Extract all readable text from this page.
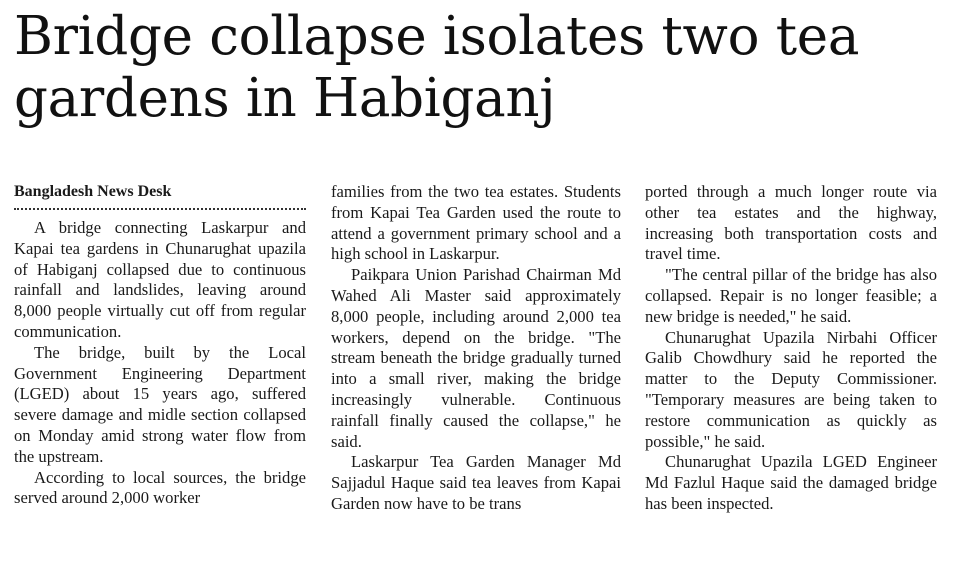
Bridge collapse isolates two tea gardens in Habiganj
Bangladesh News Desk

A bridge connecting Laskarpur and Kapai tea gardens in Chunarughat upazila of Habiganj collapsed due to continuous rainfall and landslides, leaving around 8,000 people virtually cut off from regular communication.

The bridge, built by the Local Government Engineering Department (LGED) about 15 years ago, suffered severe damage and midle section collapsed on Monday amid strong water flow from the upstream.

According to local sources, the bridge served around 2,000 worker

families from the two tea estates. Students from Kapai Tea Garden used the route to attend a government primary school and a high school in Laskarpur.

Paikpara Union Parishad Chairman Md Wahed Ali Master said approximately 8,000 people, including around 2,000 tea workers, depend on the bridge. "The stream beneath the bridge gradually turned into a small river, making the bridge increasingly vulnerable. Continuous rainfall finally caused the collapse," he said.

Laskarpur Tea Garden Manager Md Sajjadul Haque said tea leaves from Kapai Garden now have to be trans

ported through a much longer route via other tea estates and the highway, increasing both transportation costs and travel time.

"The central pillar of the bridge has also collapsed. Repair is no longer feasible; a new bridge is needed," he said.

Chunarughat Upazila Nirbahi Officer Galib Chowdhury said he reported the matter to the Deputy Commissioner. "Temporary measures are being taken to restore communication as quickly as possible," he said.

Chunarughat Upazila LGED Engineer Md Fazlul Haque said the damaged bridge has been inspected.
